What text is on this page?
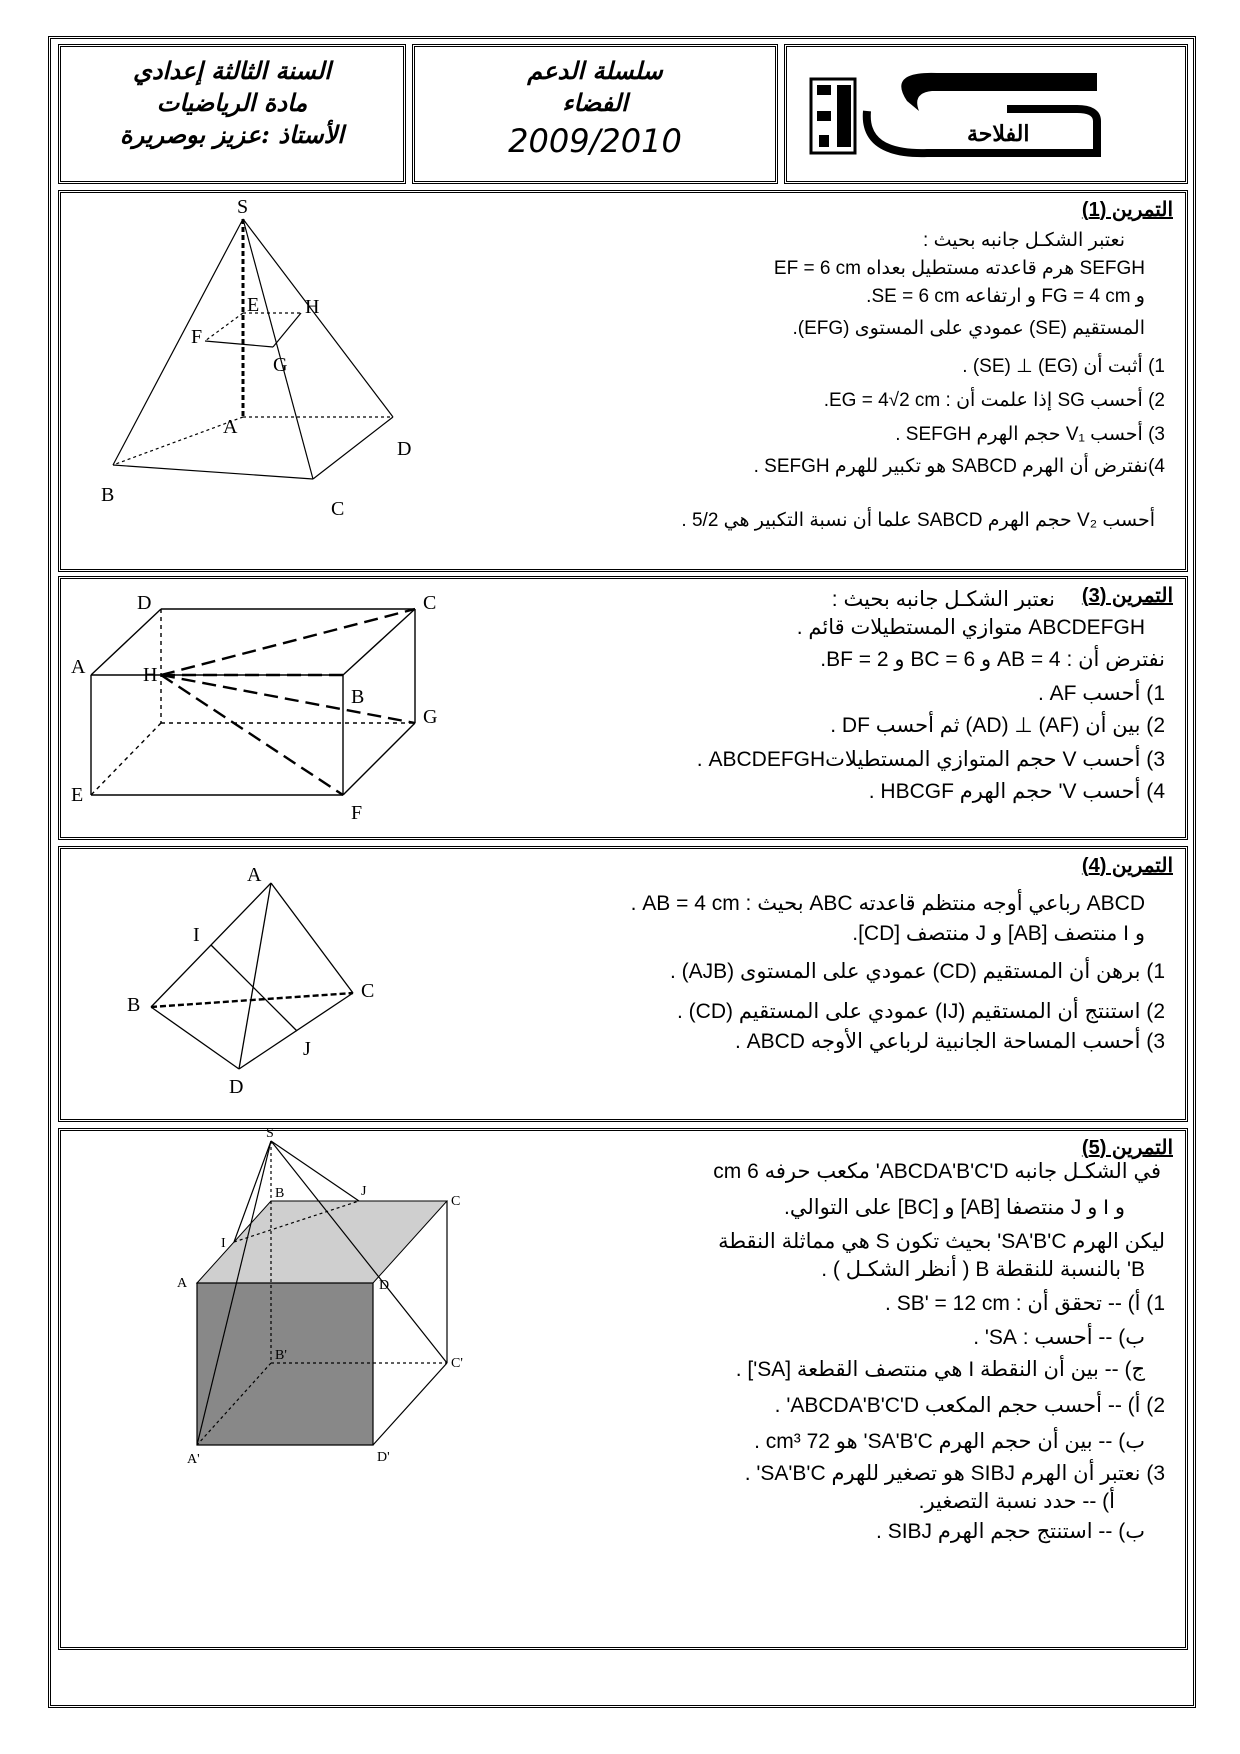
السنة الثالثة إعدادي
مادة الرياضيات
الأستاذ :عزيز بوصريرة
سلسلة الدعم
الفضاء
2009/2010	الفلاحة
التمرين (1)
نعتبر الشكـل جانبه بحيث :
SEFGH هرم قاعدته مستطيل بعداه EF = 6 cm
و FG = 4 cm و ارتفاعه SE = 6 cm.
المستقيم (SE) عمودي على المستوى (EFG).
1) أثبت أن (EG) ⊥ (SE) .
2) أحسب SG إذا علمت أن : EG = 4√2 cm.
3) أحسب V₁ حجم الهرم SEFGH .
4)نفترض أن الهرم SABCD هو تكبير للهرم SEFGH .
أحسب V₂ حجم الهرم SABCD علما أن نسبة التكبير هي 5/2 .
S
E H
F
G
A
D
B
C
التمرين (3)
نعتبر الشكـل جانبه بحيث :
ABCDEFGH متوازي المستطيلات قائم .
نفترض أن : AB = 4 و BC = 6 و BF = 2.
1) أحسب AF .
2) بين أن (AF) ⊥ (AD) ثم أحسب DF .
3) أحسب V حجم المتوازي المستطيلاتABCDEFGH .
4) أحسب V' حجم الهرم HBCGF .
D	C
H
G
A
B
E
F
التمرين (4)
ABCD رباعي أوجه منتظم قاعدته ABC بحيث : AB = 4 cm .
و I منتصف [AB] و J منتصف [CD].
1) برهن أن المستقيم (CD) عمودي على المستوى (AJB) .
2) استنتج أن المستقيم (IJ) عمودي على المستقيم (CD) .
3) أحسب المساحة الجانبية لرباعي الأوجه ABCD .
A
I
B
C
J
D
التمرين (5)
في الشكـل جانبه ABCDA'B'C'D' مكعب حرفه 6 cm
و I و J منتصفا [AB] و [BC] على التوالي.
ليكن الهرم SA'B'C' بحيث تكون S هي مماثلة النقطة
B' بالنسبة للنقطة B ( أنظر الشكـل ) .
1) أ) -- تحقق أن : SB' = 12 cm .
ب) -- أحسب : SA' .
ج) -- بين أن النقطة I هي منتصف القطعة [SA'] .
2) أ) -- أحسب حجم المكعب ABCDA'B'C'D' .
ب) -- بين أن حجم الهرم SA'B'C' هو 72 cm³ .
3) نعتبر أن الهرم SIBJ هو تصغير للهرم SA'B'C' .
أ) -- حدد نسبة التصغير.
ب) -- استنتج حجم الهرم SIBJ .
S
B	J
C
I
A	D
B'
C'
A'	D'
